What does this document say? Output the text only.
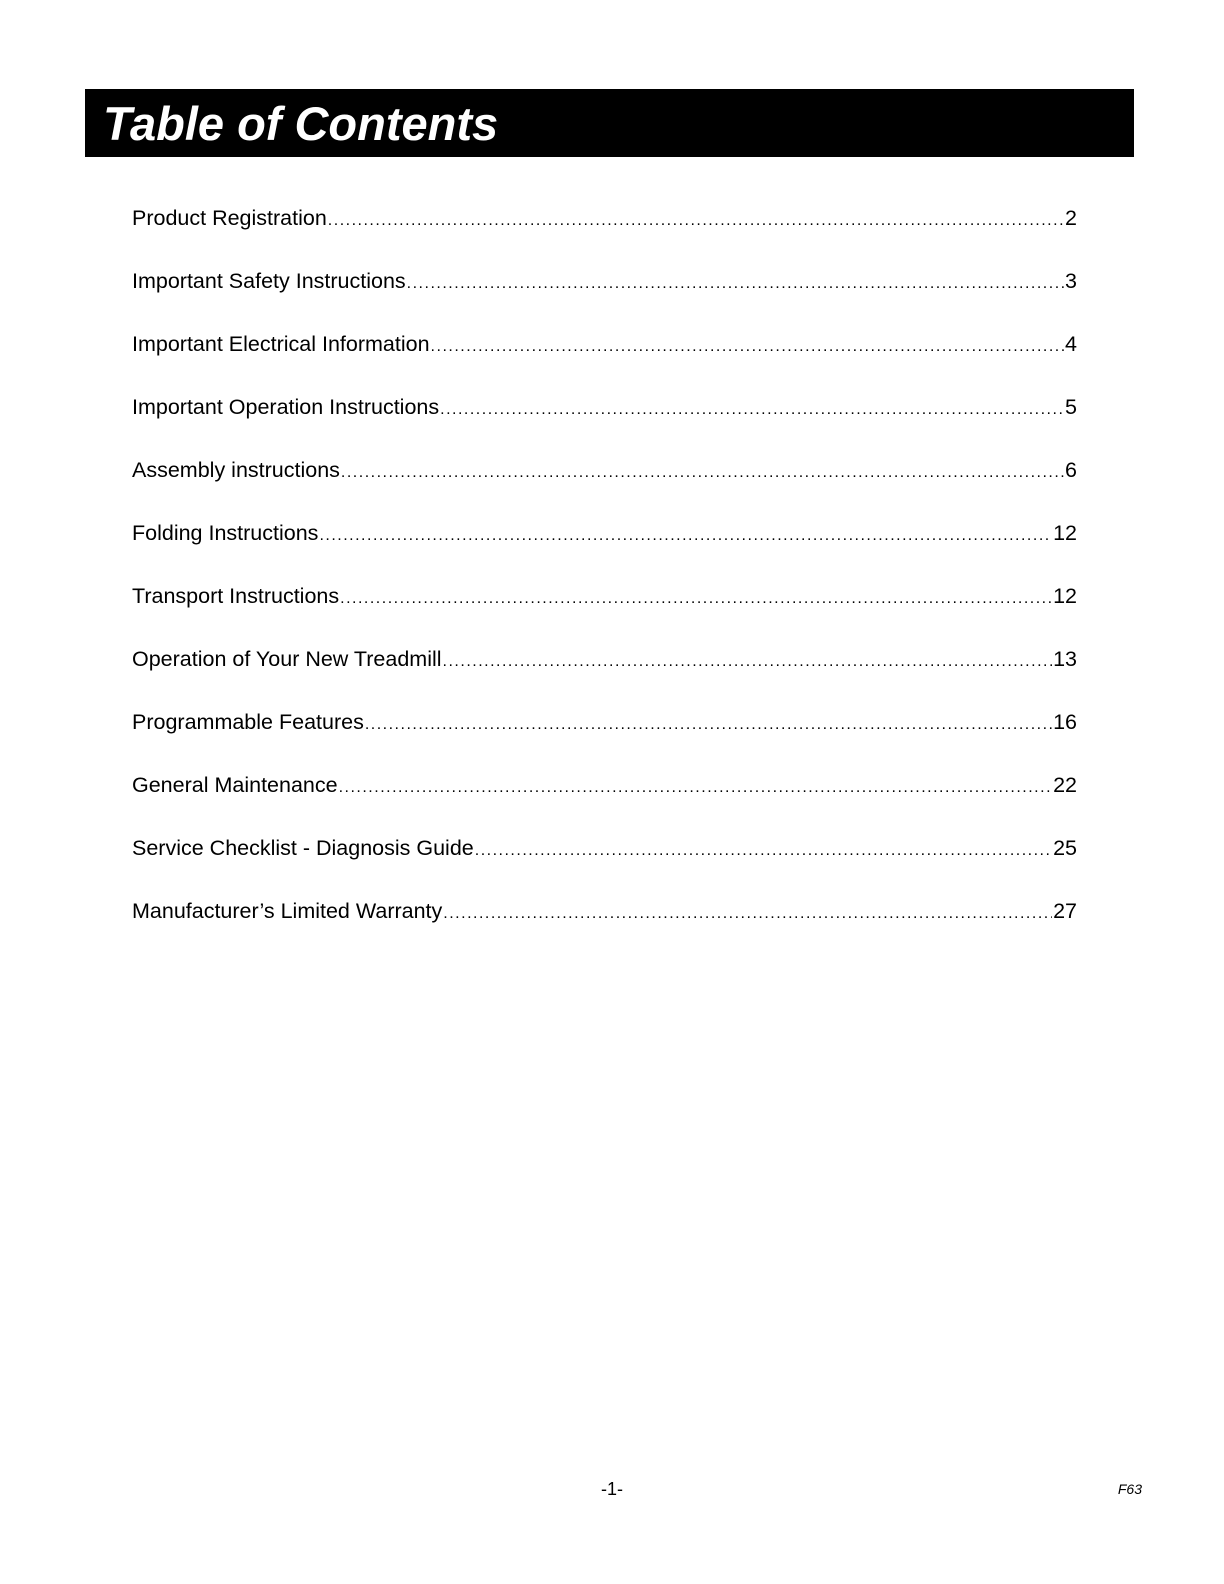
Table of Contents
Product Registration .....	2
Important Safety Instructions .....	3
Important Electrical Information .....	4
Important Operation Instructions .....	5
Assembly instructions .....	6
Folding Instructions .....	12
Transport Instructions .....	12
Operation of Your New Treadmill .....	13
Programmable Features .....	16
General Maintenance .....	22
Service Checklist - Diagnosis Guide .....	25
Manufacturer’s Limited Warranty .....	27
-1-	F63
